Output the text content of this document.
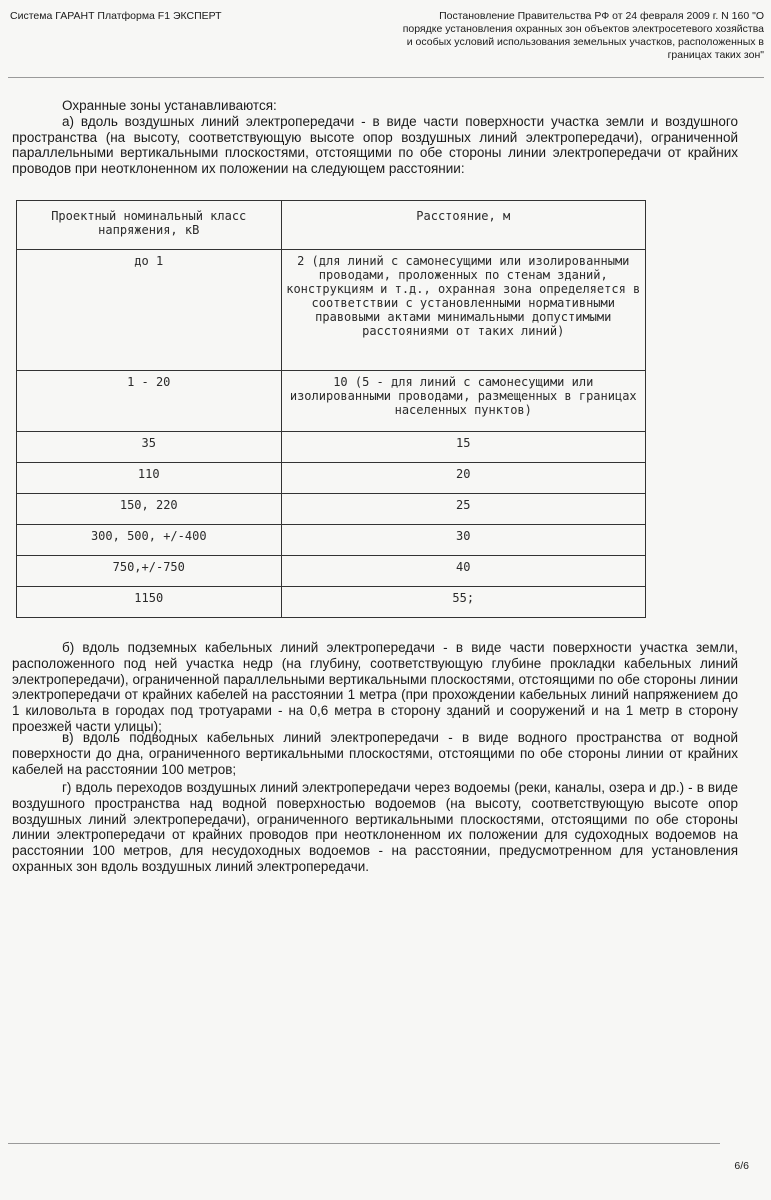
Система ГАРАНТ Платформа F1 ЭКСПЕРТ	Постановление Правительства РФ от 24 февраля 2009 г. N 160 "О порядке установления охранных зон объектов электросетевого хозяйства и особых условий использования земельных участков, расположенных в границах таких зон"
Охранные зоны устанавливаются:
а) вдоль воздушных линий электропередачи - в виде части поверхности участка земли и воздушного пространства (на высоту, соответствующую высоте опор воздушных линий электропередачи), ограниченной параллельными вертикальными плоскостями, отстоящими по обе стороны линии электропередачи от крайних проводов при неотклоненном их положении на следующем расстоянии:
Проектный номинальный класс напряжения, кВ	Расстояние, м
до 1	2 (для линий с самонесущими или изолированными проводами, проложенных по стенам зданий, конструкциям и т.д., охранная зона определяется в соответствии с установленными нормативными правовыми актами минимальными допустимыми расстояниями от таких линий)
1 - 20	10 (5 - для линий с самонесущими или изолированными проводами, размещенных в границах населенных пунктов)
35	15
110	20
150, 220	25
300, 500, +/-400	30
750,+/-750	40
1150	55;
б) вдоль подземных кабельных линий электропередачи - в виде части поверхности участка земли, расположенного под ней участка недр (на глубину, соответствующую глубине прокладки кабельных линий электропередачи), ограниченной параллельными вертикальными плоскостями, отстоящими по обе стороны линии электропередачи от крайних кабелей на расстоянии 1 метра (при прохождении кабельных линий напряжением до 1 киловольта в городах под тротуарами - на 0,6 метра в сторону зданий и сооружений и на 1 метр в сторону проезжей части улицы);
в) вдоль подводных кабельных линий электропередачи - в виде водного пространства от водной поверхности до дна, ограниченного вертикальными плоскостями, отстоящими по обе стороны линии от крайних кабелей на расстоянии 100 метров;
г) вдоль переходов воздушных линий электропередачи через водоемы (реки, каналы, озера и др.) - в виде воздушного пространства над водной поверхностью водоемов (на высоту, соответствующую высоте опор воздушных линий электропередачи), ограниченного вертикальными плоскостями, отстоящими по обе стороны линии электропередачи от крайних проводов при неотклоненном их положении для судоходных водоемов на расстоянии 100 метров, для несудоходных водоемов - на расстоянии, предусмотренном для установления охранных зон вдоль воздушных линий электропередачи.
6/6
